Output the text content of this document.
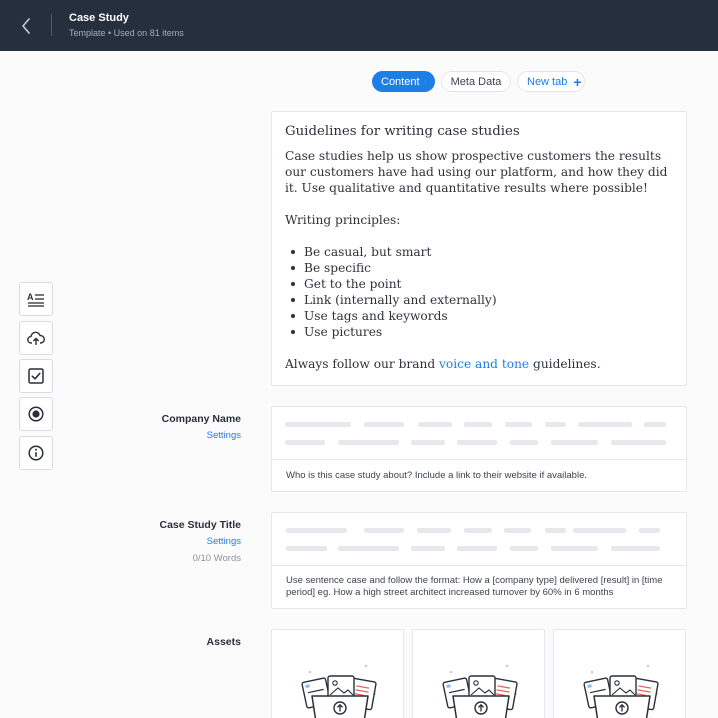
Case Study
Template • Used on 81 items
Content	Meta Data New tab +
A
Guidelines for writing case studies

Case studies help us show prospective customers the results our customers have had using our platform, and how they did it. Use qualitative and quantitative results where possible!

Writing principles:

Be casual, but smart
Be specific
Get to the point
Link (internally and externally)
Use tags and keywords
Use pictures

Always follow our brand voice and tone guidelines.

Company Name
Settings
Who is this case study about? Include a link to their website if available.
Case Study Title
Settings
0/10 Words
Use sentence case and follow the format: How a [company type] delivered [result] in [time period] eg. How a high street architect increased turnover by 60% in 6 months
Assets
